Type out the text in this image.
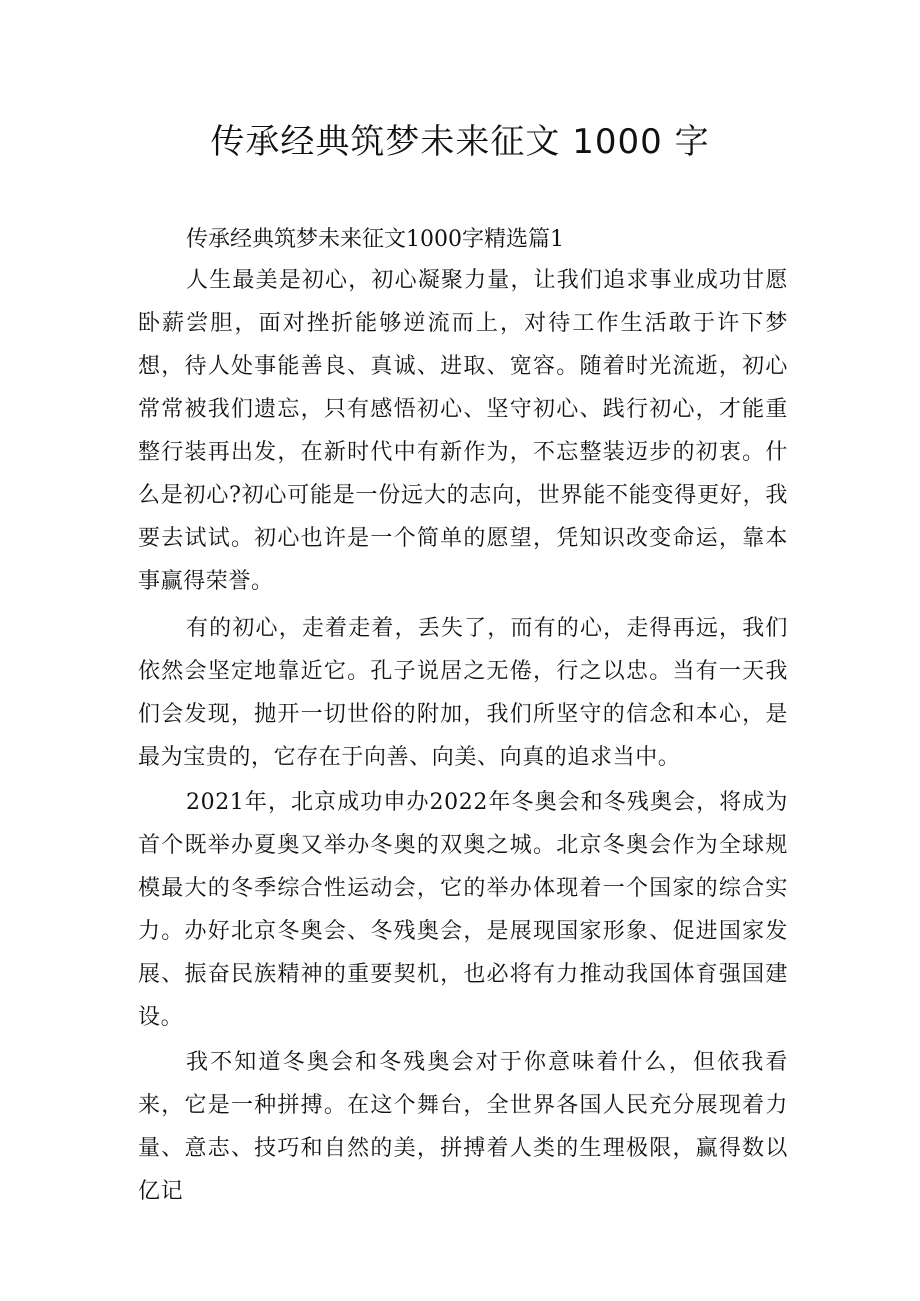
传承经典筑梦未来征文 1000 字

传承经典筑梦未来征文1000字精选篇1

人生最美是初心，初心凝聚力量，让我们追求事业成功甘愿卧薪尝胆，面对挫折能够逆流而上，对待工作生活敢于许下梦想，待人处事能善良、真诚、进取、宽容。随着时光流逝，初心常常被我们遗忘，只有感悟初心、坚守初心、践行初心，才能重整行装再出发，在新时代中有新作为，不忘整装迈步的初衷。什么是初心?初心可能是一份远大的志向，世界能不能变得更好，我要去试试。初心也许是一个简单的愿望，凭知识改变命运，靠本事赢得荣誉。

有的初心，走着走着，丢失了，而有的心，走得再远，我们依然会坚定地靠近它。孔子说居之无倦，行之以忠。当有一天我们会发现，抛开一切世俗的附加，我们所坚守的信念和本心，是最为宝贵的，它存在于向善、向美、向真的追求当中。

2021年，北京成功申办2022年冬奥会和冬残奥会，将成为首个既举办夏奥又举办冬奥的双奥之城。北京冬奥会作为全球规模最大的冬季综合性运动会，它的举办体现着一个国家的综合实力。办好北京冬奥会、冬残奥会，是展现国家形象、促进国家发展、振奋民族精神的重要契机，也必将有力推动我国体育强国建设。

我不知道冬奥会和冬残奥会对于你意味着什么，但依我看来，它是一种拼搏。在这个舞台，全世界各国人民充分展现着力量、意志、技巧和自然的美，拼搏着人类的生理极限，赢得数以亿记
